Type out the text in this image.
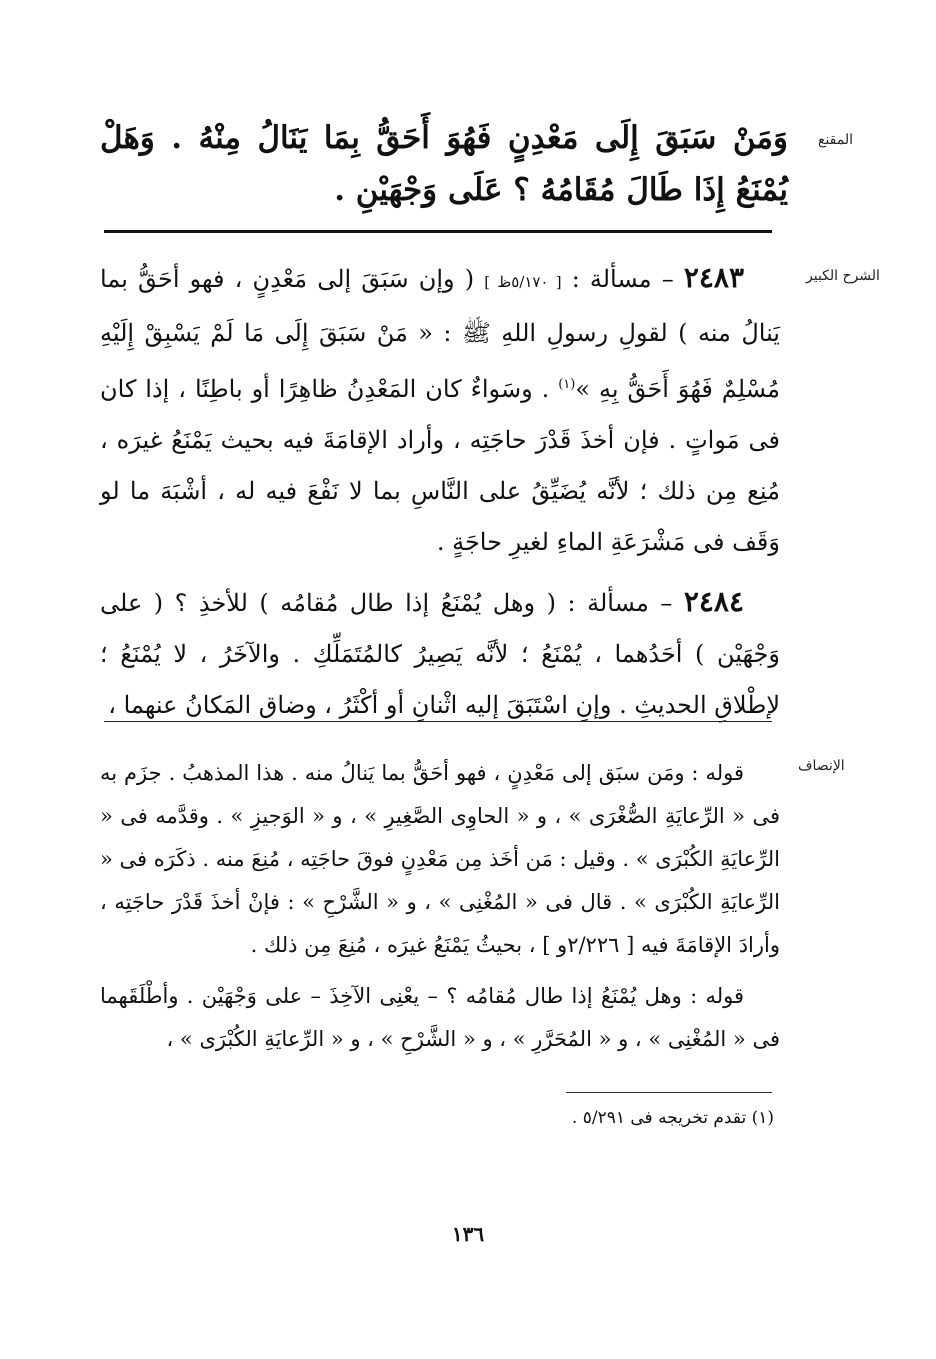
المقنع
وَمَنْ سَبَقَ إِلَى مَعْدِنٍ فَهُوَ أَحَقُّ بِمَا يَنَالُ مِنْهُ . وَهَلْ يُمْنَعُ إِذَا طَالَ مُقَامُهُ ؟ عَلَى وَجْهَيْنِ .
الشرح الكبير

٢٤٨٣ – مسألة : [ ٥/١٧٠ظ ] ( وإن سَبَقَ إلى مَعْدِنٍ ، فهو أحَقُّ بما يَنالُ منه ) لقولِ رسولِ اللهِ ﷺ : « مَنْ سَبَقَ إِلَى مَا لَمْ يَسْبِقْ إِلَيْهِ مُسْلِمٌ فَهُوَ أَحَقُّ بِهِ »$^{(١)}$ . وسَواءٌ كان المَعْدِنُ ظاهِرًا أو باطِنًا ، إذا كان فى مَواتٍ . فإن أخذَ قَدْرَ حاجَتِه ، وأراد الإقامَةَ فيه بحيث يَمْنَعُ غيرَه ، مُنِع مِن ذلك ؛ لأنَّه يُضَيِّقُ على النَّاسِ بما لا نَفْعَ فيه له ، أشْبَهَ ما لو وَقَف فى مَشْرَعَةِ الماءِ لغيرِ حاجَةٍ .

٢٤٨٤ – مسألة : ( وهل يُمْنَعُ إذا طال مُقامُه ) للأخذِ ؟ ( على وَجْهَيْن ) أحَدُهما ، يُمْنَعُ ؛ لأنَّه يَصِيرُ كالمُتَمَلِّكِ . والآخَرُ ، لا يُمْنَعُ ؛ لإطْلاقِ الحديثِ . وإنِ اسْتَبَقَ إليه اثْنانِ أو أكْثَرُ ، وضاق المَكانُ عنهما ،

الإنصاف

قوله : ومَن سبَق إلى مَعْدِنٍ ، فهو أحَقُّ بما يَنالُ منه . هذا المذهبُ . جزَم به فى « الرِّعايَةِ الصُّغْرَى » ، و « الحاوِى الصَّغِيرِ » ، و « الوَجيزِ » . وقدَّمه فى « الرِّعايَةِ الكُبْرَى » . وقيل : مَن أخَذ مِن مَعْدِنٍ فوقَ حاجَتِه ، مُنِعَ منه . ذكَرَه فى « الرِّعايَةِ الكُبْرَى » . قال فى « المُغْنِى » ، و « الشَّرْحِ » : فإنْ أخذَ قَدْرَ حاجَتِه ، وأرادَ الإقامَةَ فيه [ ٢/٢٢٦و ] ، بحيثُ يَمْنَعُ غيرَه ، مُنِعَ مِن ذلك .

قوله : وهل يُمْنَعُ إذا طال مُقامُه ؟ – يعْنِى الآخِذَ – على وَجْهَيْن . وأطْلَقَهما فى « المُغْنِى » ، و « المُحَرَّرِ » ، و « الشَّرْحِ » ، و « الرِّعايَةِ الكُبْرَى » ،

(١) تقدم تخريجه فى ٥/٢٩١ .
١٣٦
